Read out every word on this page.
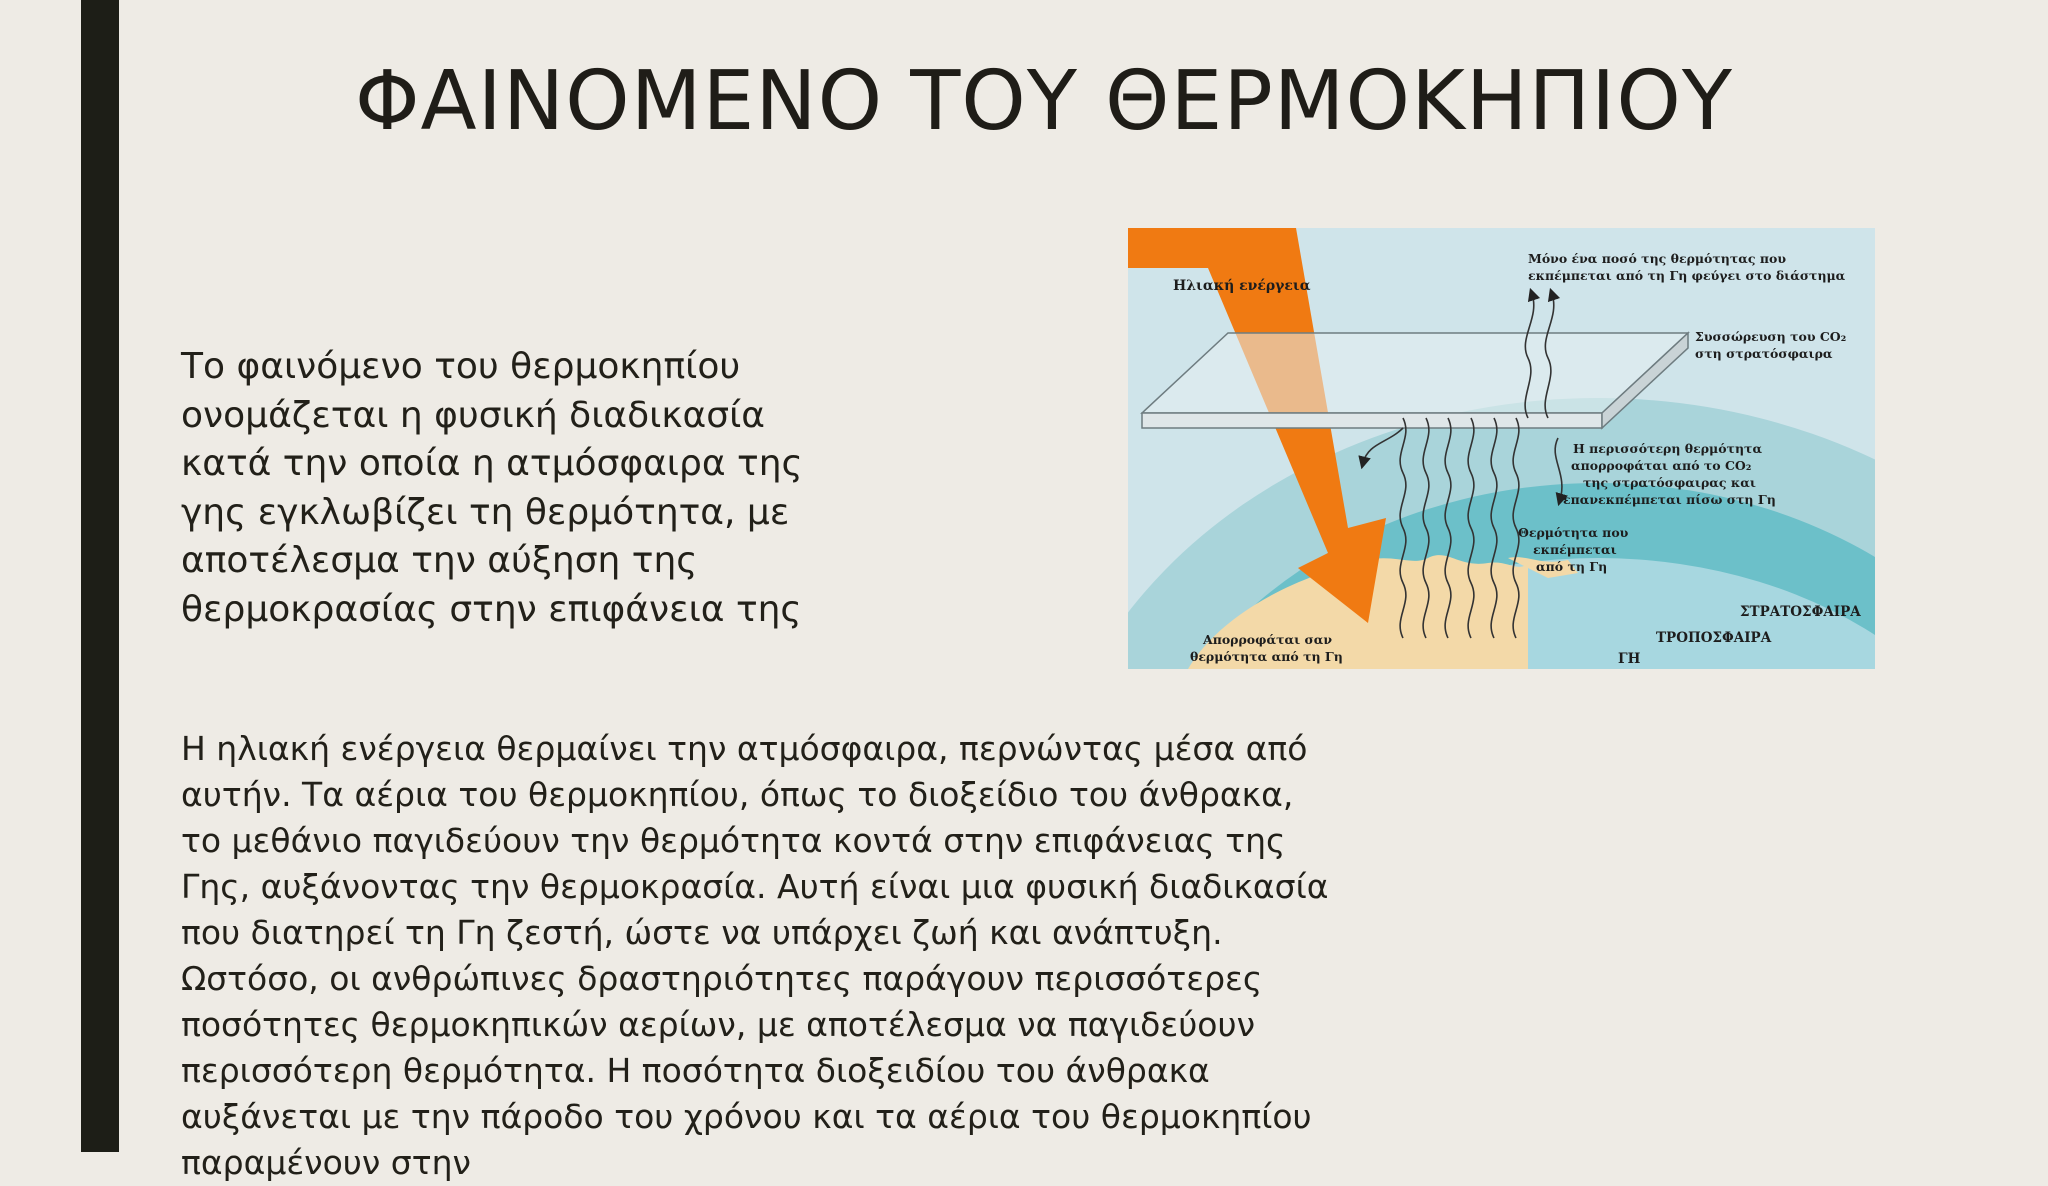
ΦΑΙΝΟΜΕΝΟ ΤΟΥ ΘΕΡΜΟΚΗΠΙΟΥ

Το φαινόμενο του θερμοκηπίου ονομάζεται η φυσική διαδικασία κατά την οποία η ατμόσφαιρα της γης εγκλωβίζει τη θερμότητα, με αποτέλεσμα την αύξηση της θερμοκρασίας στην επιφάνεια της

Η ηλιακή ενέργεια θερμαίνει την ατμόσφαιρα, περνώντας μέσα από αυτήν. Τα αέρια του θερμοκηπίου, όπως το διοξείδιο του άνθρακα, το μεθάνιο παγιδεύουν την θερμότητα κοντά στην επιφάνειας της Γης, αυξάνοντας την θερμοκρασία. Αυτή είναι μια φυσική διαδικασία που διατηρεί τη Γη ζεστή, ώστε να υπάρχει ζωή και ανάπτυξη. Ωστόσο, οι ανθρώπινες δραστηριότητες παράγουν περισσότερες ποσότητες θερμοκηπικών αερίων, με αποτέλεσμα να παγιδεύουν περισσότερη θερμότητα. Η ποσότητα διοξειδίου του άνθρακα αυξάνεται με την πάροδο του χρόνου και τα αέρια του θερμοκηπίου παραμένουν στην

Ηλιακή ενέργεια
Μόνο ένα ποσό της θερμότητας που
εκπέμπεται από τη Γη φεύγει στο διάστημα
Συσσώρευση του CO₂
στη στρατόσφαιρα
Η περισσότερη θερμότητα
απορροφάται από το CO₂
της στρατόσφαιρας και
επανεκπέμπεται πίσω στη Γη
Θερμότητα που
εκπέμπεται
από τη Γη
ΣΤΡΑΤΟΣΦΑΙΡΑ
ΤΡΟΠΟΣΦΑΙΡΑ
ΓΗ
Απορροφάται σαν
θερμότητα από τη Γη
